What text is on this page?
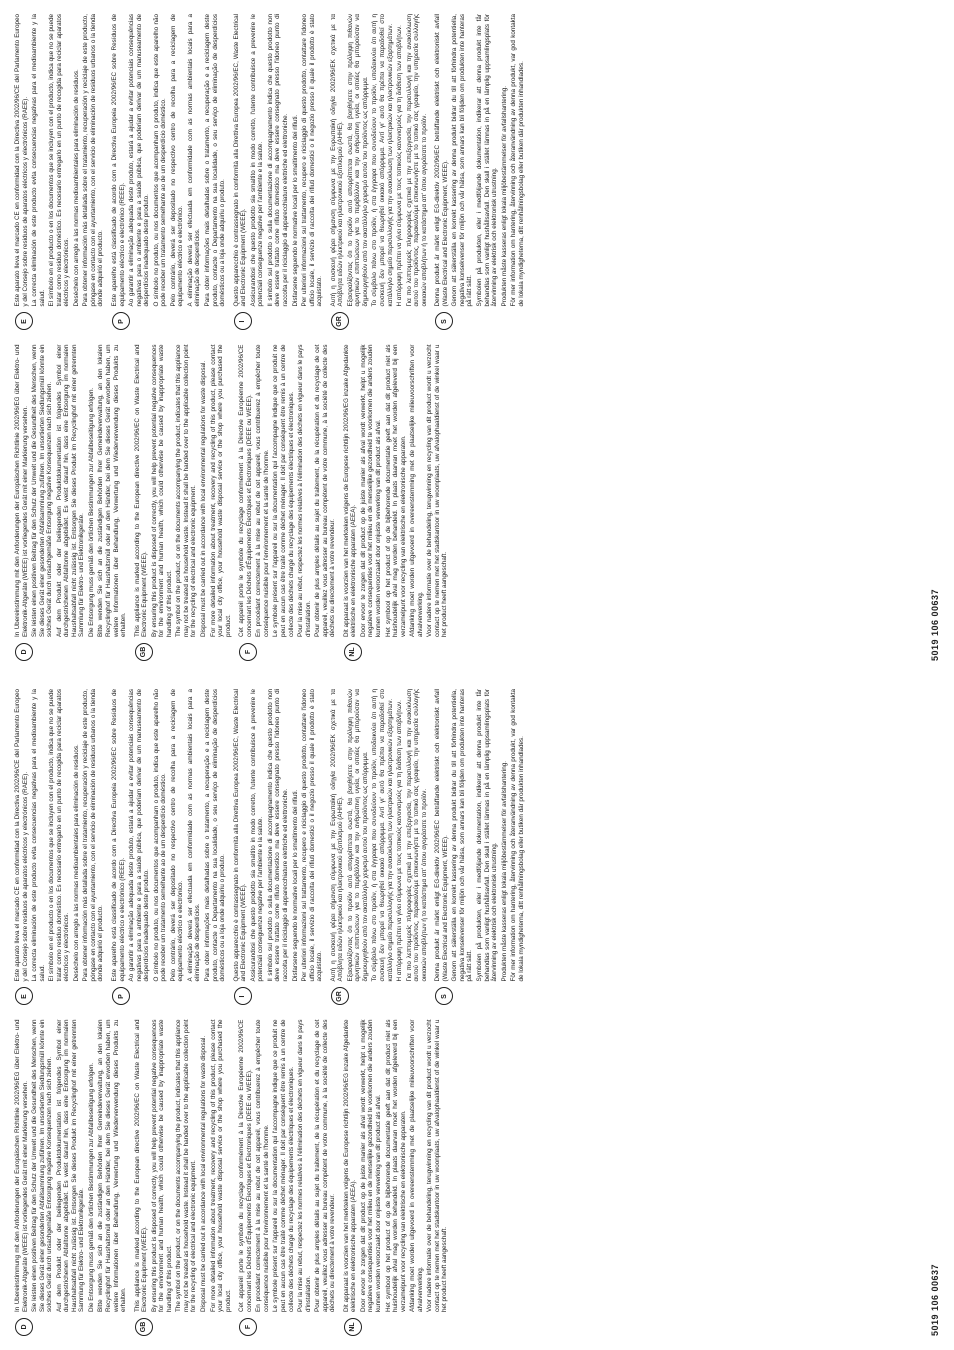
D

In Übereinstimmung mit den Anforderungen der Europäischen Richtlinie 2002/96/EG über Elektro- und Elektronik-Altgeräte (WEEE) ist vorliegendes Gerät mit einer Markierung versehen. Sie leisten einen positiven Beitrag für den Schutz der Umwelt und die Gesundheit des Menschen, wenn Sie dieses Gerät einer gesonderten Abfallsammlung zuführen. Im unsortierten Siedlungsmüll könnte ein solches Gerät durch unsachgemäße Entsorgung negative Konsequenzen nach sich ziehen. Auf dem Produkt oder der beiliegenden Produktdokumentation ist folgendes Symbol einer durchgestrichenen Abfalltonne abgebildet. Es weist darauf hin, dass eine Entsorgung im normalen Haushaltsabfall nicht zulässig ist. Entsorgen Sie dieses Produkt im Recyclinghof mit einer getrennten Sammlung für Elektro- und Elektronikgeräte. Die Entsorgung muss gemäß den örtlichen Bestimmungen zur Abfallbeseitigung erfolgen. Bitte wenden Sie sich an die zuständigen Behörden Ihrer Gemeindeverwaltung, an den lokalen Recyclinghof für Haushaltsmüll oder an den Händler, bei dem Sie dieses Gerät erworben haben, um weitere Informationen über Behandlung, Verwertung und Wiederverwendung dieses Produkts zu erhalten.

GB

This appliance is marked according to the European directive 2002/96/EC on Waste Electrical and Electronic Equipment (WEEE). By ensuring this product is disposed of correctly, you will help prevent potential negative consequences for the environment and human health, which could otherwise be caused by inappropriate waste handling of this product. The symbol on the product, or on the documents accompanying the product, indicates that this appliance may not be treated as household waste. Instead it shall be handed over to the applicable collection point for the recycling of electrical and electronic equipment. Disposal must be carried out in accordance with local environmental regulations for waste disposal. For more detailed information about treatment, recovery and recycling of this product, please contact your local city office, your household waste disposal service or the shop where you purchased the product.

F

Cet appareil porte le symbole du recyclage conformément à la Directive Européenne 2002/96/CE concernant les Déchets d'Équipements Électriques et Électroniques (DEEE ou WEEE). En procédant correctement à la mise au rebut de cet appareil, vous contribuerez à empêcher toute conséquence nuisible pour l'environnement et la santé de l'homme. Le symbole présent sur l'appareil ou sur la documentation qui l'accompagne indique que ce produit ne peut en aucun cas être traité comme déchet ménager. Il doit par conséquent être remis à un centre de collecte des déchets chargé du recyclage des équipements électriques et électroniques. Pour la mise au rebut, respectez les normes relatives à l'élimination des déchets en vigueur dans le pays d'installation. Pour obtenir de plus amples détails au sujet du traitement, de la récupération et du recyclage de cet appareil, veuillez vous adresser au bureau compétent de votre commune, à la société de collecte des déchets ou directement à votre revendeur.

NL

Dit apparaat is voorzien van het merkteken volgens de Europese richtlijn 2002/96/EG inzake Afgedankte elektrische en elektronische apparaten (AEEA). Door ervoor te zorgen dat dit product op de juiste manier als afval wordt verwerkt, helpt u mogelijk negatieve consequenties voor het milieu en de menselijke gezondheid te voorkomen die anders zouden kunnen worden veroorzaakt door onjuiste verwerking van dit product als afval. Het symbool op het product of op de bijbehorende documentatie geeft aan dat dit product niet als huishoudelijk afval mag worden behandeld. In plaats daarvan moet het worden afgeleverd bij een verzamelpunt voor recycling van elektrische en elektronische apparaten. Afdanking moet worden uitgevoerd in overeenstemming met de plaatselijke milieuvoorschriften voor afvalverwerking. Voor nadere informatie over de behandeling, terugwinning en recycling van dit product wordt u verzocht contact op te nemen met het stadskantoor in uw woonplaats, uw afvalophaaldienst of de winkel waar u het product heeft aangeschaft.

E

Este aparato lleva el marcado CE en conformidad con la Directiva 2002/96/CE del Parlamento Europeo y del Consejo sobre residuos de aparatos eléctricos y electrónicos (RAEE). La correcta eliminación de este producto evita consecuencias negativas para el medioambiente y la salud. El símbolo en el producto o en los documentos que se incluyen con el producto, indica que no se puede tratar como residuo doméstico. Es necesario entregarlo en un punto de recogida para reciclar aparatos eléctricos y electrónicos. Deséchelo con arreglo a las normas medioambientales para eliminación de residuos. Para obtener información más detallada sobre el tratamiento, recuperación y reciclaje de este producto, póngase en contacto con el ayuntamiento, con el servicio de eliminación de residuos urbanos o la tienda donde adquirió el producto.

P

Este aparelho está classificado de acordo com a Directiva Europeia 2002/96/EC sobre Resíduos de equipamento eléctrico e electrónico (REEE). Ao garantir a eliminação adequada deste produto, estará a ajudar a evitar potenciais consequências negativas para o ambiente e para a saúde pública, que poderiam derivar de um manuseamento de desperdícios inadequado deste produto. O símbolo no produto, ou nos documentos que acompanham o produto, indica que este aparelho não pode receber um tratamento semelhante ao de um desperdício doméstico. Pelo contrário, deverá ser depositado no respectivo centro de recolha para a reciclagem de equipamento eléctrico e electrónico. A eliminação deverá ser efectuada em conformidade com as normas ambientais locais para a eliminação de desperdícios. Para obter informações mais detalhadas sobre o tratamento, a recuperação e a reciclagem deste produto, contacte o Departamento na sua localidade, o seu serviço de eliminação de desperdícios domésticos ou a loja onde adquiriu o produto.

I

Questo apparecchio è contrassegnato in conformità alla Direttiva Europea 2002/96/EC, Waste Electrical and Electronic Equipment (WEEE). Assicurandosi che questo prodotto sia smaltito in modo corretto, l'utente contribuisce a prevenire le potenziali conseguenze negative per l'ambiente e la salute. Il simbolo sul prodotto o sulla documentazione di accompagnamento indica che questo prodotto non deve essere trattato come rifiuto domestico ma deve essere consegnato presso l'idoneo punto di raccolta per il riciclaggio di apparecchiature elettriche ed elettroniche. Disfarsene seguendo le normative locali per lo smaltimento dei rifiuti. Per ulteriori informazioni sul trattamento, recupero e riciclaggio di questo prodotto, contattare l'idoneo ufficio locale, il servizio di raccolta dei rifiuti domestici o il negozio presso il quale il prodotto è stato acquistato.

GR

Αυτή η συσκευή φέρει σήμανση σύμφωνα με την Ευρωπαϊκή οδηγία 2002/96/ΕΚ σχετικά με τα Απόβλητα ειδών ηλεκτρικού και ηλεκτρονικού εξοπλισμού (ΑΗΗΕ). Εξασφαλίζοντας ότι το προϊόν αυτό απορρίπτεται σωστά, θα βοηθήσετε στην πρόληψη πιθανών αρνητικών επιπτώσεων για το περιβάλλον και την ανθρώπινη υγεία, οι οποίες θα μπορούσαν να δημιουργηθούν από τον ακατάλληλο χειρισμό αυτού του προϊόντος ως απόρριμμα. Το σύμβολο πάνω στο προϊόν, ή στα έγγραφα που συνοδεύουν το προϊόν, υποδεικνύει ότι αυτή η συσκευή δεν μπορεί να θεωρηθεί οικιακό απόρριμμα. Αντί γι' αυτό θα πρέπει να παραδοθεί στο κατάλληλο σημείο περισυλλογής για την ανακύκλωση των ηλεκτρικών και ηλεκτρονικών εξαρτημάτων. Η απόρριψη πρέπει να γίνει σύμφωνα με τους τοπικούς κανονισμούς για τη διάθεση των αποβλήτων. Για πιο λεπτομερείς πληροφορίες σχετικά με την επεξεργασία, την περισυλλογή και την ανακύκλωση αυτού του προϊόντος, παρακαλούμε επικοινωνήστε με το τοπικό σας γραφείο, την υπηρεσία συλλογής οικιακών αποβλήτων ή το κατάστημα απ' όπου αγοράσατε το προϊόν.

S

Denna produkt är märkt enligt EG-direktiv 2002/96/EC beträffande elektriskt och elektroniskt avfall (Waste Electrical and Electronic Equipment, WEEE). Genom att säkerställa en korrekt kassering av denna produkt bidrar du till att förhindra potentiella, negativa konsekvenser för miljön och vår hälsa, som annars kan bli följden om produkten inte hanteras på rätt sätt. Symbolen på produkten, eller i medföljande dokumentation, indikerar att denna produkt inte får behandlas som vanligt hushållsavfall. Den skall i stället lämnas in på en lämplig uppsamlingsplats för återvinning av elektrisk och elektronisk utrustning. Produkten måste kasseras enligt lokala miljöbestämmelser för avfallshantering. För mer information om hantering, återvinning och återanvändning av denna produkt, var god kontakta de lokala myndigheterna, ditt renhållningsbolag eller butiken där produkten inhandlades.

5019 106 00637
D

In Übereinstimmung mit den Anforderungen der Europäischen Richtlinie 2002/96/EG über Elektro- und Elektronik-Altgeräte (WEEE) ist vorliegendes Gerät mit einer Markierung versehen. Sie leisten einen positiven Beitrag für den Schutz der Umwelt und die Gesundheit des Menschen, wenn Sie dieses Gerät einer gesonderten Abfallsammlung zuführen. Im unsortierten Siedlungsmüll könnte ein solches Gerät durch unsachgemäße Entsorgung negative Konsequenzen nach sich ziehen. Auf dem Produkt oder der beiliegenden Produktdokumentation ist folgendes Symbol einer durchgestrichenen Abfalltonne abgebildet. Es weist darauf hin, dass eine Entsorgung im normalen Haushaltsabfall nicht zulässig ist. Entsorgen Sie dieses Produkt im Recyclinghof mit einer getrennten Sammlung für Elektro- und Elektronikgeräte. Die Entsorgung muss gemäß den örtlichen Bestimmungen zur Abfallbeseitigung erfolgen. Bitte wenden Sie sich an die zuständigen Behörden Ihrer Gemeindeverwaltung, an den lokalen Recyclinghof für Haushaltsmüll oder an den Händler, bei dem Sie dieses Gerät erworben haben, um weitere Informationen über Behandlung, Verwertung und Wiederverwendung dieses Produkts zu erhalten.

GB

This appliance is marked according to the European directive 2002/96/EC on Waste Electrical and Electronic Equipment (WEEE). By ensuring this product is disposed of correctly, you will help prevent potential negative consequences for the environment and human health, which could otherwise be caused by inappropriate waste handling of this product. The symbol on the product, or on the documents accompanying the product, indicates that this appliance may not be treated as household waste. Instead it shall be handed over to the applicable collection point for the recycling of electrical and electronic equipment. Disposal must be carried out in accordance with local environmental regulations for waste disposal. For more detailed information about treatment, recovery and recycling of this product, please contact your local city office, your household waste disposal service or the shop where you purchased the product.

F

Cet appareil porte le symbole du recyclage conformément à la Directive Européenne 2002/96/CE concernant les Déchets d'Équipements Électriques et Électroniques (DEEE ou WEEE). En procédant correctement à la mise au rebut de cet appareil, vous contribuerez à empêcher toute conséquence nuisible pour l'environnement et la santé de l'homme. Le symbole présent sur l'appareil ou sur la documentation qui l'accompagne indique que ce produit ne peut en aucun cas être traité comme déchet ménager. Il doit par conséquent être remis à un centre de collecte des déchets chargé du recyclage des équipements électriques et électroniques. Pour la mise au rebut, respectez les normes relatives à l'élimination des déchets en vigueur dans le pays d'installation. Pour obtenir de plus amples détails au sujet du traitement, de la récupération et du recyclage de cet appareil, veuillez vous adresser au bureau compétent de votre commune, à la société de collecte des déchets ou directement à votre revendeur.

NL

Dit apparaat is voorzien van het merkteken volgens de Europese richtlijn 2002/96/EG inzake Afgedankte elektrische en elektronische apparaten (AEEA). Door ervoor te zorgen dat dit product op de juiste manier als afval wordt verwerkt, helpt u mogelijk negatieve consequenties voor het milieu en de menselijke gezondheid te voorkomen die anders zouden kunnen worden veroorzaakt door onjuiste verwerking van dit product als afval. Het symbool op het product of op de bijbehorende documentatie geeft aan dat dit product niet als huishoudelijk afval mag worden behandeld. In plaats daarvan moet het worden afgeleverd bij een verzamelpunt voor recycling van elektrische en elektronische apparaten. Afdanking moet worden uitgevoerd in overeenstemming met de plaatselijke milieuvoorschriften voor afvalverwerking. Voor nadere informatie over de behandeling, terugwinning en recycling van dit product wordt u verzocht contact op te nemen met het stadskantoor in uw woonplaats, uw afvalophaaldienst of de winkel waar u het product heeft aangeschaft.

E

Este aparato lleva el marcado CE en conformidad con la Directiva 2002/96/CE del Parlamento Europeo y del Consejo sobre residuos de aparatos eléctricos y electrónicos (RAEE). La correcta eliminación de este producto evita consecuencias negativas para el medioambiente y la salud. El símbolo en el producto o en los documentos que se incluyen con el producto, indica que no se puede tratar como residuo doméstico. Es necesario entregarlo en un punto de recogida para reciclar aparatos eléctricos y electrónicos. Deséchelo con arreglo a las normas medioambientales para eliminación de residuos. Para obtener información más detallada sobre el tratamiento, recuperación y reciclaje de este producto, póngase en contacto con el ayuntamiento, con el servicio de eliminación de residuos urbanos o la tienda donde adquirió el producto.

P

Este aparelho está classificado de acordo com a Directiva Europeia 2002/96/EC sobre Resíduos de equipamento eléctrico e electrónico (REEE). Ao garantir a eliminação adequada deste produto, estará a ajudar a evitar potenciais consequências negativas para o ambiente e para a saúde pública, que poderiam derivar de um manuseamento de desperdícios inadequado deste produto. O símbolo no produto, ou nos documentos que acompanham o produto, indica que este aparelho não pode receber um tratamento semelhante ao de um desperdício doméstico. Pelo contrário, deverá ser depositado no respectivo centro de recolha para a reciclagem de equipamento eléctrico e electrónico. A eliminação deverá ser efectuada em conformidade com as normas ambientais locais para a eliminação de desperdícios. Para obter informações mais detalhadas sobre o tratamento, a recuperação e a reciclagem deste produto, contacte o Departamento na sua localidade, o seu serviço de eliminação de desperdícios domésticos ou a loja onde adquiriu o produto.

I

Questo apparecchio è contrassegnato in conformità alla Direttiva Europea 2002/96/EC, Waste Electrical and Electronic Equipment (WEEE). Assicurandosi che questo prodotto sia smaltito in modo corretto, l'utente contribuisce a prevenire le potenziali conseguenze negative per l'ambiente e la salute. Il simbolo sul prodotto o sulla documentazione di accompagnamento indica che questo prodotto non deve essere trattato come rifiuto domestico ma deve essere consegnato presso l'idoneo punto di raccolta per il riciclaggio di apparecchiature elettriche ed elettroniche. Disfarsene seguendo le normative locali per lo smaltimento dei rifiuti. Per ulteriori informazioni sul trattamento, recupero e riciclaggio di questo prodotto, contattare l'idoneo ufficio locale, il servizio di raccolta dei rifiuti domestici o il negozio presso il quale il prodotto è stato acquistato.

GR

Αυτή η συσκευή φέρει σήμανση σύμφωνα με την Ευρωπαϊκή οδηγία 2002/96/ΕΚ σχετικά με τα Απόβλητα ειδών ηλεκτρικού και ηλεκτρονικού εξοπλισμού (ΑΗΗΕ). Εξασφαλίζοντας ότι το προϊόν αυτό απορρίπτεται σωστά, θα βοηθήσετε στην πρόληψη πιθανών αρνητικών επιπτώσεων για το περιβάλλον και την ανθρώπινη υγεία, οι οποίες θα μπορούσαν να δημιουργηθούν από τον ακατάλληλο χειρισμό αυτού του προϊόντος ως απόρριμμα. Το σύμβολο πάνω στο προϊόν, ή στα έγγραφα που συνοδεύουν το προϊόν, υποδεικνύει ότι αυτή η συσκευή δεν μπορεί να θεωρηθεί οικιακό απόρριμμα. Αντί γι' αυτό θα πρέπει να παραδοθεί στο κατάλληλο σημείο περισυλλογής για την ανακύκλωση των ηλεκτρικών και ηλεκτρονικών εξαρτημάτων. Η απόρριψη πρέπει να γίνει σύμφωνα με τους τοπικούς κανονισμούς για τη διάθεση των αποβλήτων. Για πιο λεπτομερείς πληροφορίες σχετικά με την επεξεργασία, την περισυλλογή και την ανακύκλωση αυτού του προϊόντος, παρακαλούμε επικοινωνήστε με το τοπικό σας γραφείο, την υπηρεσία συλλογής οικιακών αποβλήτων ή το κατάστημα απ' όπου αγοράσατε το προϊόν.

S

Denna produkt är märkt enligt EG-direktiv 2002/96/EC beträffande elektriskt och elektroniskt avfall (Waste Electrical and Electronic Equipment, WEEE). Genom att säkerställa en korrekt kassering av denna produkt bidrar du till att förhindra potentiella, negativa konsekvenser för miljön och vår hälsa, som annars kan bli följden om produkten inte hanteras på rätt sätt. Symbolen på produkten, eller i medföljande dokumentation, indikerar att denna produkt inte får behandlas som vanligt hushållsavfall. Den skall i stället lämnas in på en lämplig uppsamlingsplats för återvinning av elektrisk och elektronisk utrustning. Produkten måste kasseras enligt lokala miljöbestämmelser för avfallshantering. För mer information om hantering, återvinning och återanvändning av denna produkt, var god kontakta de lokala myndigheterna, ditt renhållningsbolag eller butiken där produkten inhandlades.

5019 106 00637
